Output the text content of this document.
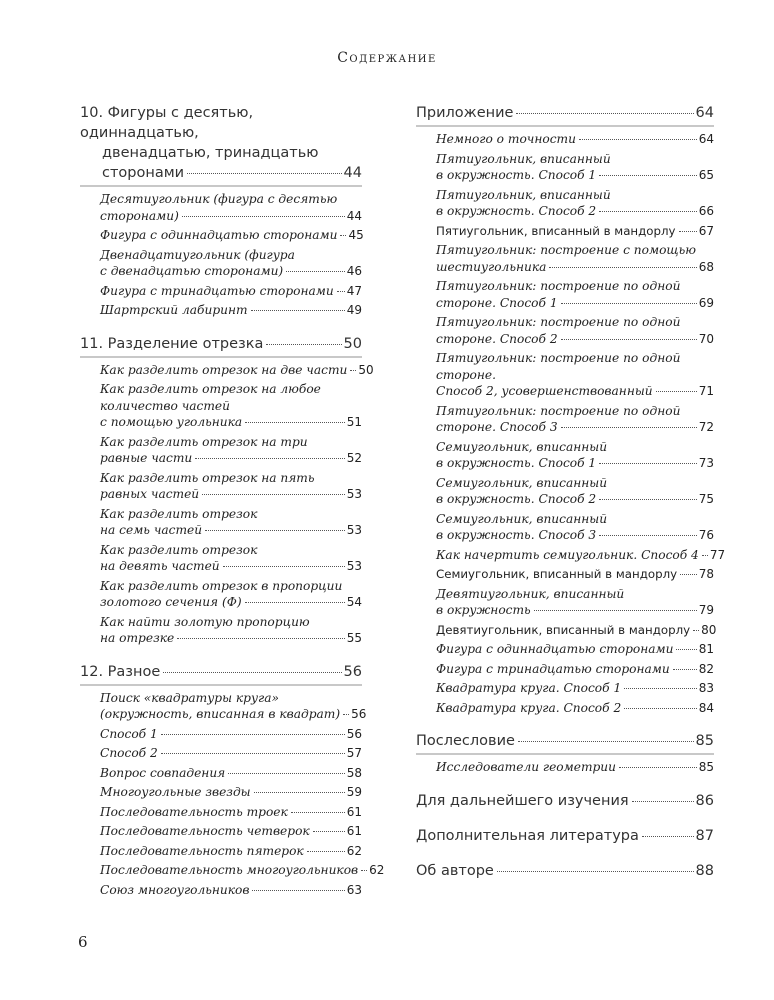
Содержание
10. Фигуры с десятью, одиннадцатью,
двенадцатью, тринадцатью
сторонами	44
Десятиугольник (фигура с десятью
сторонами)	44
Фигура с одиннадцатью сторонами 45
Двенадцатиугольник (фигура
с двенадцатью сторонами)	46
Фигура с тринадцатью сторонами 47
Шартрский лабиринт	49
11. Разделение отрезка	50
Как разделить отрезок на две части 50
Как разделить отрезок на любое
количество частей
с помощью угольника	51
Как разделить отрезок на три
равные части	52
Как разделить отрезок на пять
равных частей	53
Как разделить отрезок
на семь частей	53
Как разделить отрезок
на девять частей	53
Как разделить отрезок в пропорции
золотого сечения (Ф)	54
Как найти золотую пропорцию
на отрезке	55
12. Разное	56
Поиск «квадратуры круга»
(окружность, вписанная в квадрат) 56
Способ 1	56
Способ 2	57
Вопрос совпадения	58
Многоугольные звезды	59
Последовательность троек	61
Последовательность четверок	61
Последовательность пятерок	62
Последовательность многоугольников 62
Союз многоугольников	63
Приложение	64
Немного о точности	64
Пятиугольник, вписанный
в окружность. Способ 1	65
Пятиугольник, вписанный
в окружность. Способ 2	66
Пятиугольник, вписанный в мандорлу 67
Пятиугольник: построение с помощью
шестиугольника	68
Пятиугольник: построение по одной
стороне. Способ 1	69
Пятиугольник: построение по одной
стороне. Способ 2	70
Пятиугольник: построение по одной
стороне.
Способ 2, усовершенствованный	71
Пятиугольник: построение по одной
стороне. Способ 3	72
Семиугольник, вписанный
в окружность. Способ 1	73
Семиугольник, вписанный
в окружность. Способ 2	75
Семиугольник, вписанный
в окружность. Способ 3	76
Как начертить семиугольник. Способ 4 77
Семиугольник, вписанный в мандорлу 78
Девятиугольник, вписанный
в окружность	79
Девятиугольник, вписанный в мандорлу 80
Фигура с одиннадцатью сторонами 81
Фигура с тринадцатью сторонами 82
Квадратура круга. Способ 1	83
Квадратура круга. Способ 2	84
Послесловие	85
Исследователи геометрии	85
Для дальнейшего изучения	86
Дополнительная литература	87
Об авторе	88
6
